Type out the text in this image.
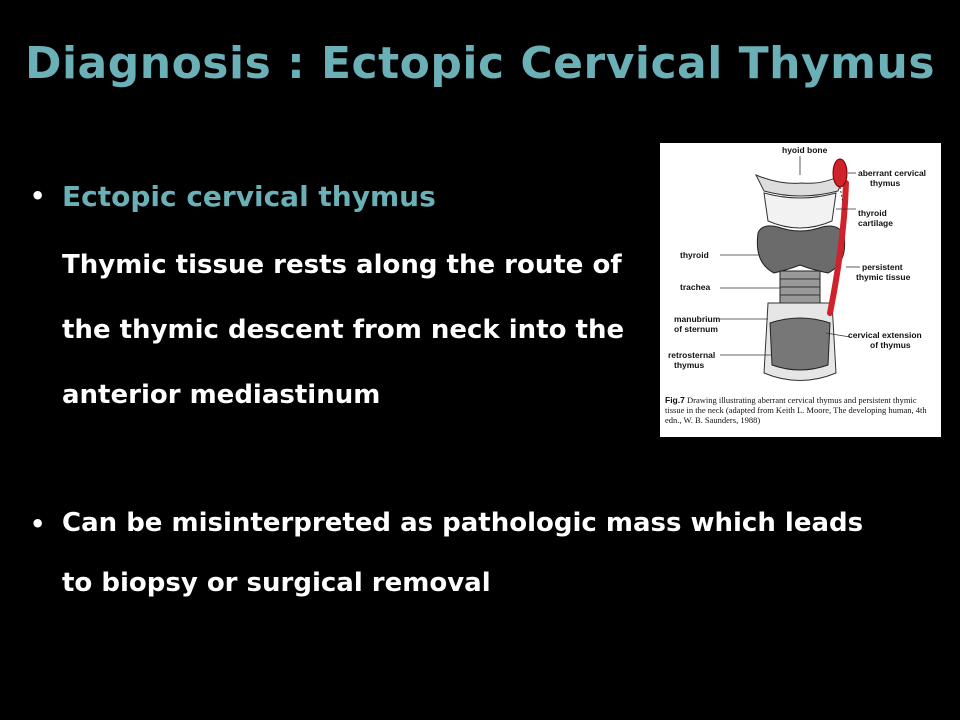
Diagnosis : Ectopic Cervical Thymus
• Ectopic cervical thymus
Thymic tissue rests along the route of
the thymic descent from neck into the
anterior mediastinum
• Can be misinterpreted as pathologic mass which leads
to biopsy or surgical removal
hyoid bone
aberrant cervical
thymus
thyroid
cartilage
thyroid
persistent
thymic tissue
trachea
manubrium
of sternum
cervical extension
of thymus
retrosternal
thymus
Fig.7 Drawing illustrating aberrant cervical thymus and persistent thymic tissue in the neck (adapted from Keith L. Moore, The developing human, 4th edn., W. B. Saunders, 1988)
